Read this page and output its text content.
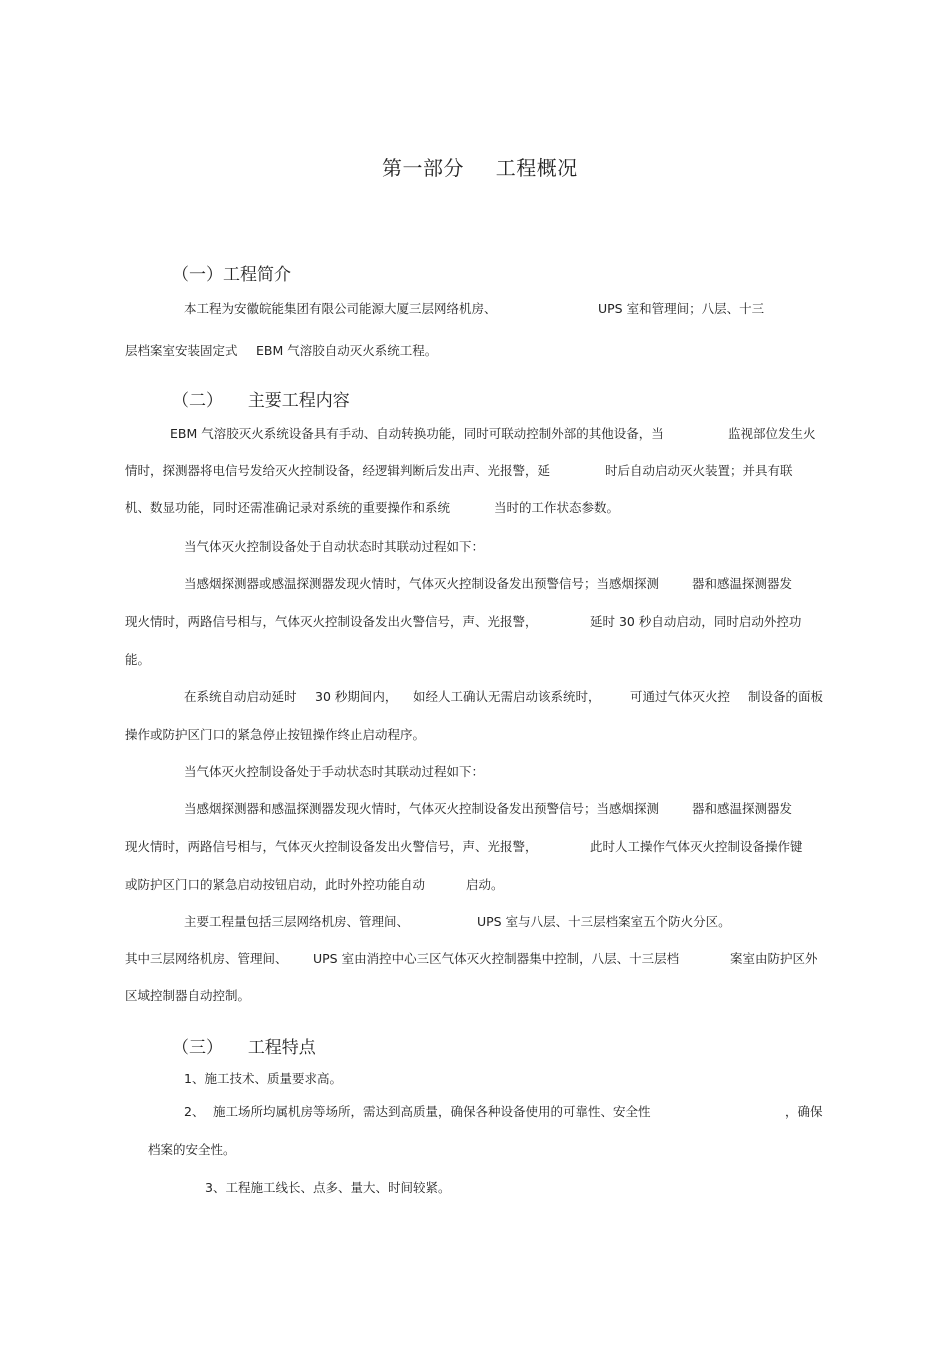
第一部分 工程概况
（一）工程简介
本工程为安徽皖能集团有限公司能源大厦三层网络机房、	UPS 室和管理间；八层、十三
层档案室安装固定式 EBM 气溶胶自动灭火系统工程。
（二） 主要工程内容
EBM 气溶胶灭火系统设备具有手动、自动转换功能，同时可联动控制外部的其他设备，当	监视部位发生火
情时，探测器将电信号发给灭火控制设备，经逻辑判断后发出声、光报警，延	时后自动启动灭火装置；并具有联
机、数显功能，同时还需准确记录对系统的重要操作和系统	当时的工作状态参数。
当气体灭火控制设备处于自动状态时其联动过程如下：
当感烟探测器或感温探测器发现火情时，气体灭火控制设备发出预警信号；当感烟探测	器和感温探测器发
现火情时，两路信号相与，气体灭火控制设备发出火警信号，声、光报警，	延时 30 秒自动启动，同时启动外控功
能。
在系统自动启动延时 30 秒期间内， 如经人工确认无需启动该系统时， 可通过气体灭火控 制设备的面板
操作或防护区门口的紧急停止按钮操作终止启动程序。
当气体灭火控制设备处于手动状态时其联动过程如下：
当感烟探测器和感温探测器发现火情时，气体灭火控制设备发出预警信号；当感烟探测	器和感温探测器发
现火情时，两路信号相与，气体灭火控制设备发出火警信号，声、光报警，	此时人工操作气体灭火控制设备操作键
或防护区门口的紧急启动按钮启动，此时外控功能自动	启动。
主要工程量包括三层网络机房、管理间、	UPS 室与八层、十三层档案室五个防火分区。
其中三层网络机房、管理间、 UPS 室由消控中心三区气体灭火控制器集中控制，八层、十三层档	案室由防护区外
区域控制器自动控制。
（三） 工程特点
1、施工技术、质量要求高。
2、 施工场所均属机房等场所，需达到高质量，确保各种设备使用的可靠性、安全性	，确保
档案的安全性。
3、工程施工线长、点多、量大、时间较紧。
